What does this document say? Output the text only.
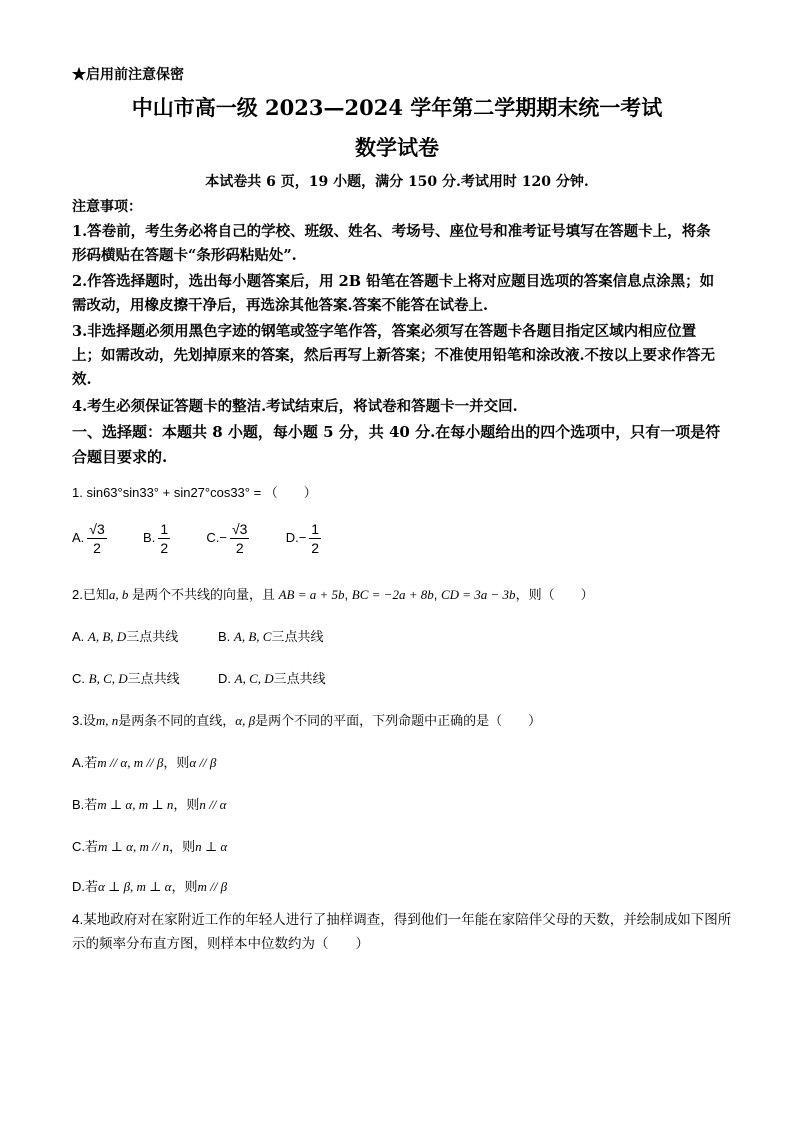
★启用前注意保密
中山市高一级 2023—2024 学年第二学期期末统一考试
数学试卷
本试卷共 6 页，19 小题，满分 150 分.考试用时 120 分钟.
注意事项：
1.答卷前，考生务必将自己的学校、班级、姓名、考场号、座位号和准考证号填写在答题卡上，将条形码横贴在答题卡“条形码粘贴处”.
2.作答选择题时，选出每小题答案后，用 2B 铅笔在答题卡上将对应题目选项的答案信息点涂黑；如需改动，用橡皮擦干净后，再选涂其他答案.答案不能答在试卷上.
3.非选择题必须用黑色字迹的钢笔或签字笔作答，答案必须写在答题卡各题目指定区域内相应位置上；如需改动，先划掉原来的答案，然后再写上新答案；不准使用铅笔和涂改液.不按以上要求作答无效.
4.考生必须保证答题卡的整洁.考试结束后，将试卷和答题卡一并交回.
一、选择题：本题共 8 小题，每小题 5 分，共 40 分.在每小题给出的四个选项中，只有一项是符合题目要求的.
1. sin63°sin33° + sin27°cos33° = （　　）
A. $\frac{√3}{2}$	B. $\frac{1}{2}$	$C.- \frac{√3}{2}$	$D.- \frac{1}{2}$
2.已知a, b 是两个不共线的向量，且 AB = a + 5b, BC = −2a + 8b, CD = 3a − 3b，则（　　）
A. A, B, D三点共线	B. A, B, C三点共线
C. B, C, D三点共线	D. A, C, D三点共线
3.设m, n是两条不同的直线，α, β是两个不同的平面，下列命题中正确的是（　　）
A.若m // α, m // β，则α // β
B.若m ⊥ α, m ⊥ n，则n // α
C.若m ⊥ α, m // n，则n ⊥ α
D.若α ⊥ β, m ⊥ α，则m // β
4.某地政府对在家附近工作的年轻人进行了抽样调查，得到他们一年能在家陪伴父母的天数，并绘制成如下图所示的频率分布直方图，则样本中位数约为（　　）
